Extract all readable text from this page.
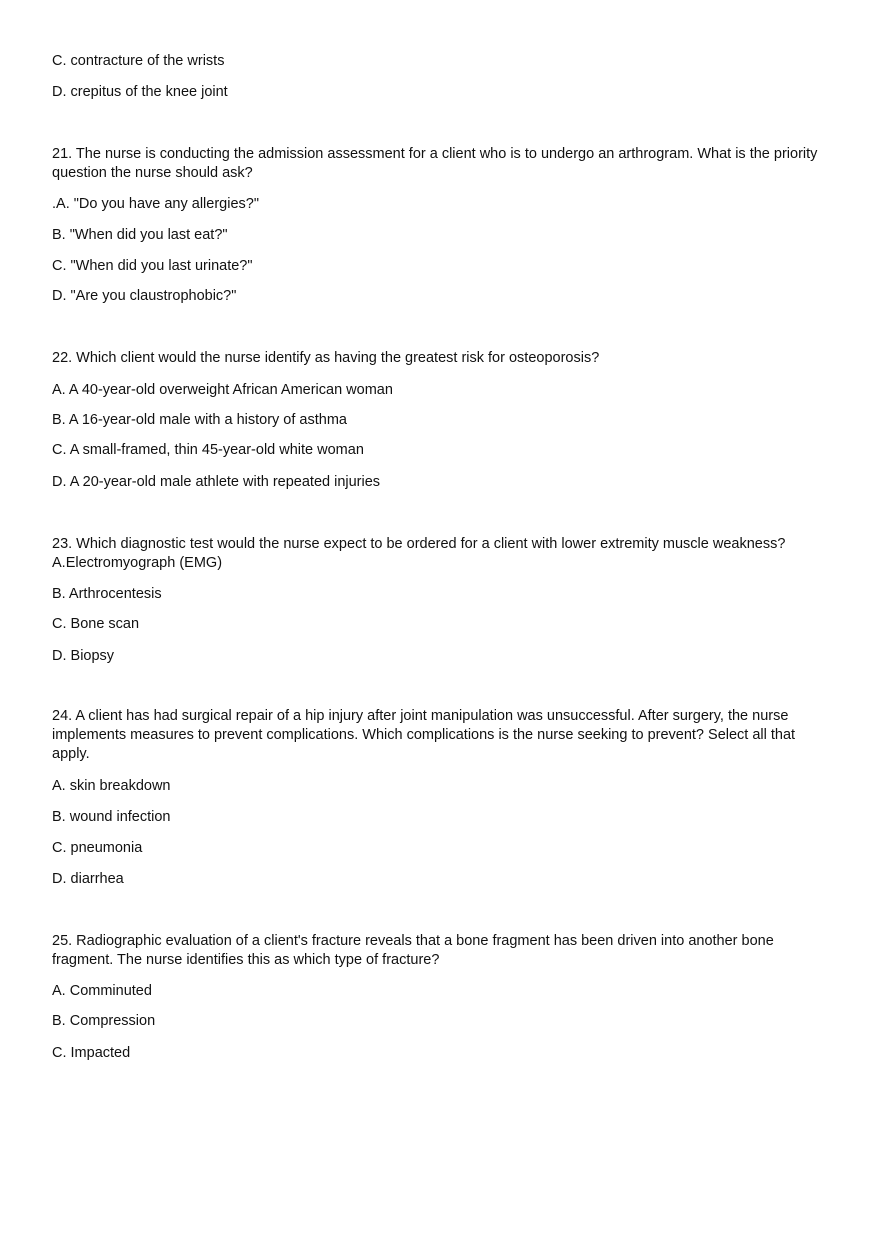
C. contracture of the wrists
D. crepitus of the knee joint
21. The nurse is conducting the admission assessment for a client who is to undergo an arthrogram. What is the priority question the nurse should ask?
.A. "Do you have any allergies?"
B. "When did you last eat?"
C. "When did you last urinate?"
D. "Are you claustrophobic?"
22. Which client would the nurse identify as having the greatest risk for osteoporosis?
A. A 40-year-old overweight African American woman
B. A 16-year-old male with a history of asthma
C. A small-framed, thin 45-year-old white woman
D. A 20-year-old male athlete with repeated injuries
23. Which diagnostic test would the nurse expect to be ordered for a client with lower extremity muscle weakness?
A.Electromyograph (EMG)
B. Arthrocentesis
C. Bone scan
D. Biopsy
24. A client has had surgical repair of a hip injury after joint manipulation was unsuccessful. After surgery, the nurse implements measures to prevent complications. Which complications is the nurse seeking to prevent? Select all that apply.
A. skin breakdown
B. wound infection
C. pneumonia
D. diarrhea
25. Radiographic evaluation of a client's fracture reveals that a bone fragment has been driven into another bone fragment. The nurse identifies this as which type of fracture?
A. Comminuted
B. Compression
C. Impacted
